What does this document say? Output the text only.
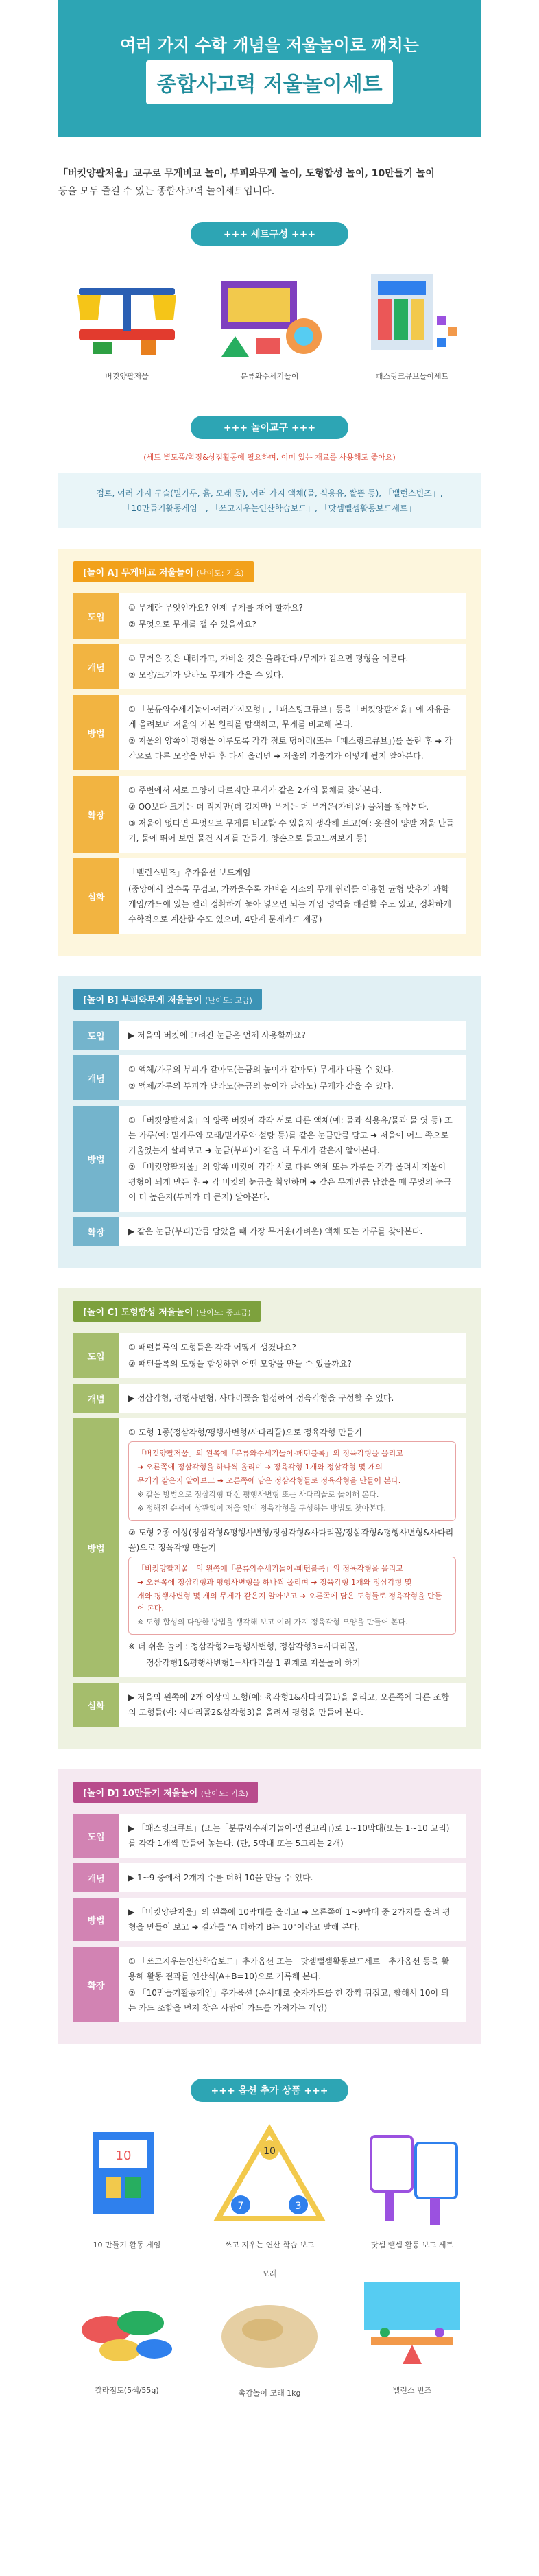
여러 가지 수학 개념을 저울놀이로 깨치는
종합사고력 저울놀이세트
「버킷양팔저울」교구로 무게비교 놀이, 부피와무게 놀이, 도형합성 놀이, 10만들기 놀이
등을 모두 즐길 수 있는 종합사고력 놀이세트입니다.
+++ 세트구성 +++
버킷양팔저울	분류와수세기놀이	패스링크큐브놀이세트
+++ 놀이교구 +++
(세트 별도품/학정&상점활동에 필요하며, 이미 있는 재료를 사용해도 좋아요)
점토, 여러 가지 구슬(밀가루, 흙, 모래 등), 여러 가지 액체(물, 식용유, 쌀뜬 등), 「밸런스빈즈」,
「10만들기활동게임」, 「쓰고지우는연산학습보드」, 「닷셈뺄셈활동보드세트」
[놀이 A] 무게비교 저울놀이 (난이도: 기초)
도입
① 무게란 무엇인가요? 언제 무게를 재어 할까요?
② 무엇으로 무게를 잴 수 있을까요?
개념
① 무거운 것은 내려가고, 가벼운 것은 올라간다./무게가 같으면 평형을 이룬다.
② 모양/크기가 달라도 무게가 같을 수 있다.
방법
① 「분류와수세기놀이-여러가지모형」,「패스링크큐브」등을「버킷양팔저울」에 자유롭게 올려보며 저울의 기본 원리를 탐색하고, 무게를 비교해 본다.
② 저울의 양쪽이 평형을 이루도록 각각 점토 덩어리(또는「패스링크큐브」)를 올린 후 ➜ 각각으로 다른 모양을 만든 후 다시 올리면 ➜ 저울의 기울기가 어떻게 될지 알아본다.
확장
① 주변에서 서로 모양이 다르지만 무게가 같은 2개의 물체를 찾아본다.
② OO보다 크기는 더 작지만(더 길지만) 무게는 더 무거운(가벼운) 물체를 찾아본다.
③ 저울이 없다면 무엇으로 무게를 비교할 수 있을지 생각해 보고(예: 옷걸이 양팔 저울 만들기, 물에 뛰어 보면 물건 시계를 만들기, 양손으로 들고느껴보기 등)
심화
「밸런스빈즈」추가옵션 보드게임
(중앙에서 엎수록 무겁고, 가까울수록 가벼운 시소의 무게 원리를 이용한 균형 맞추기 과학 게임/카드에 있는 컬러 정확하게 놓아 넣으면 되는 게임 영역을 해결할 수도 있고, 정확하게 수학적으로 계산할 수도 있으며, 4단계 문제카드 제공)
[놀이 B] 부피와무게 저울놀이 (난이도: 고급)
도입	▶ 저울의 버킷에 그려진 눈금은 언제 사용할까요?
개념
① 액체/가루의 부피가 같아도(눈금의 높이가 같아도) 무게가 다를 수 있다.
② 액체/가루의 부피가 달라도(눈금의 높이가 달라도) 무게가 같을 수 있다.
방법
① 「버킷양팔저울」의 양쪽 버킷에 각각 서로 다른 액체(예: 물과 식용유/물과 물 엿 등) 또는 가루(예: 밀가루와 모래/밀가루와 설탕 등)를 같은 눈금만큼 담고 ➜ 저울이 어느 쪽으로 기울었는지 살펴보고 ➜ 눈금(부피)이 같을 때 무게가 같은지 알아본다.
② 「버킷양팔저울」의 양쪽 버킷에 각각 서로 다른 액체 또는 가루를 각각 올려서 저울이 평형이 되게 만든 후 ➜ 각 버킷의 눈금을 확인하며 ➜ 같은 무게만큼 담았을 때 무엇의 눈금이 더 높은지(부피가 더 큰지) 알아본다.
확장	▶ 같은 눈금(부피)만큼 담았을 때 가장 무거운(가벼운) 액체 또는 가루를 찾아본다.
[놀이 C] 도형합성 저울놀이 (난이도: 중고급)
도입
① 패턴블록의 도형들은 각각 어떻게 생겼나요?
② 패턴블록의 도형을 합성하면 어떤 모양을 만들 수 있을까요?
개념	▶ 정삼각형, 평행사변형, 사다리꼴을 합성하여 정육각형을 구성할 수 있다.
방법
① 도형 1종(정삼각형/평행사변형/사다리꼴)으로 정육각형 만들기
「버킷양팔저울」의 왼쪽에「분류와수세기놀이-패턴블록」의 정육각형을 올리고
➜ 오른쪽에 정삼각형을 하나씩 올리며 ➜ 정육각형 1개와 정삼각형 몇 개의
무게가 같은지 알아보고 ➜ 오른쪽에 담은 정삼각형들로 정육각형을 만들어 본다.
※ 같은 방법으로 정삼각형 대신 평행사변형 또는 사다리꼴로 놀이해 본다.
※ 정해진 순서에 상관없이 저울 없이 정육각형을 구성하는 방법도 찾아본다.
② 도형 2종 이상(정삼각형&평행사변형/정삼각형&사다리꼴/정삼각형&평행사변형&사다리꼴)으로 정육각형 만들기
「버킷양팔저울」의 왼쪽에「분류와수세기놀이-패턴블록」의 정육각형을 올리고
➜ 오른쪽에 정삼각형과 평행사변형을 하나씩 올리며 ➜ 정육각형 1개와 정삼각형 몇
개와 평행사변형 몇 개의 무게가 같은지 알아보고 ➜ 오른쪽에 담은 도형들로 정육각형을 만들어 본다.
※ 도형 합성의 다양한 방법을 생각해 보고 여러 가지 정육각형 모양을 만들어 본다.
※ 더 쉬운 놀이 : 정삼각형2=평행사변형, 정삼각형3=사다리꼴,
정삼각형1&평행사변형1=사다리꼴 1 관계로 저울놀이 하기
심화
▶ 저울의 왼쪽에 2개 이상의 도형(예: 육각형1&사다리꼴1)을 올리고, 오른쪽에 다른 조합의 도형들(예: 사다리꼴2&삼각형3)을 올려서 평형을 만들어 본다.
[놀이 D] 10만들기 저울놀이 (난이도: 기초)
도입
▶ 「패스링크큐브」(또는「분류와수세기놀이-연결고리」)로 1~10막대(또는 1~10 고리)를 각각 1개씩 만들어 놓는다. (단, 5막대 또는 5고리는 2개)
개념	▶ 1~9 중에서 2개지 수를 더해 10을 만들 수 있다.
방법
▶ 「버킷양팔저울」의 왼쪽에 10막대를 올리고 ➜ 오른쪽에 1~9막대 중 2가지를 올려 평형을 만들어 보고 ➜ 결과를 "A 더하기 B는 10"이라고 말해 본다.
확장
① 「쓰고지우는연산학습보드」추가옵션 또는「닷셈뺄셈활동보드세트」추가옵션 등을 활용해 활동 결과를 연산식(A+B=10)으로 기록해 본다.
② 「10만들기활동게임」추가옵션 (순서대로 숫자카드를 한 장씩 뒤집고, 합해서 10이 되는 카드 조합을 먼저 찾은 사람이 카드를 가져가는 게임)
+++ 옵션 추가 상품 +++
10
10 만들기 활동 게임
10
7	3
쓰고 지우는 연산 학습 보드	닷셈 뺄셈 활동 보드 세트
칼라점토(5색/55g)
모래
촉감놀이 모래 1kg	밸런스 빈즈
